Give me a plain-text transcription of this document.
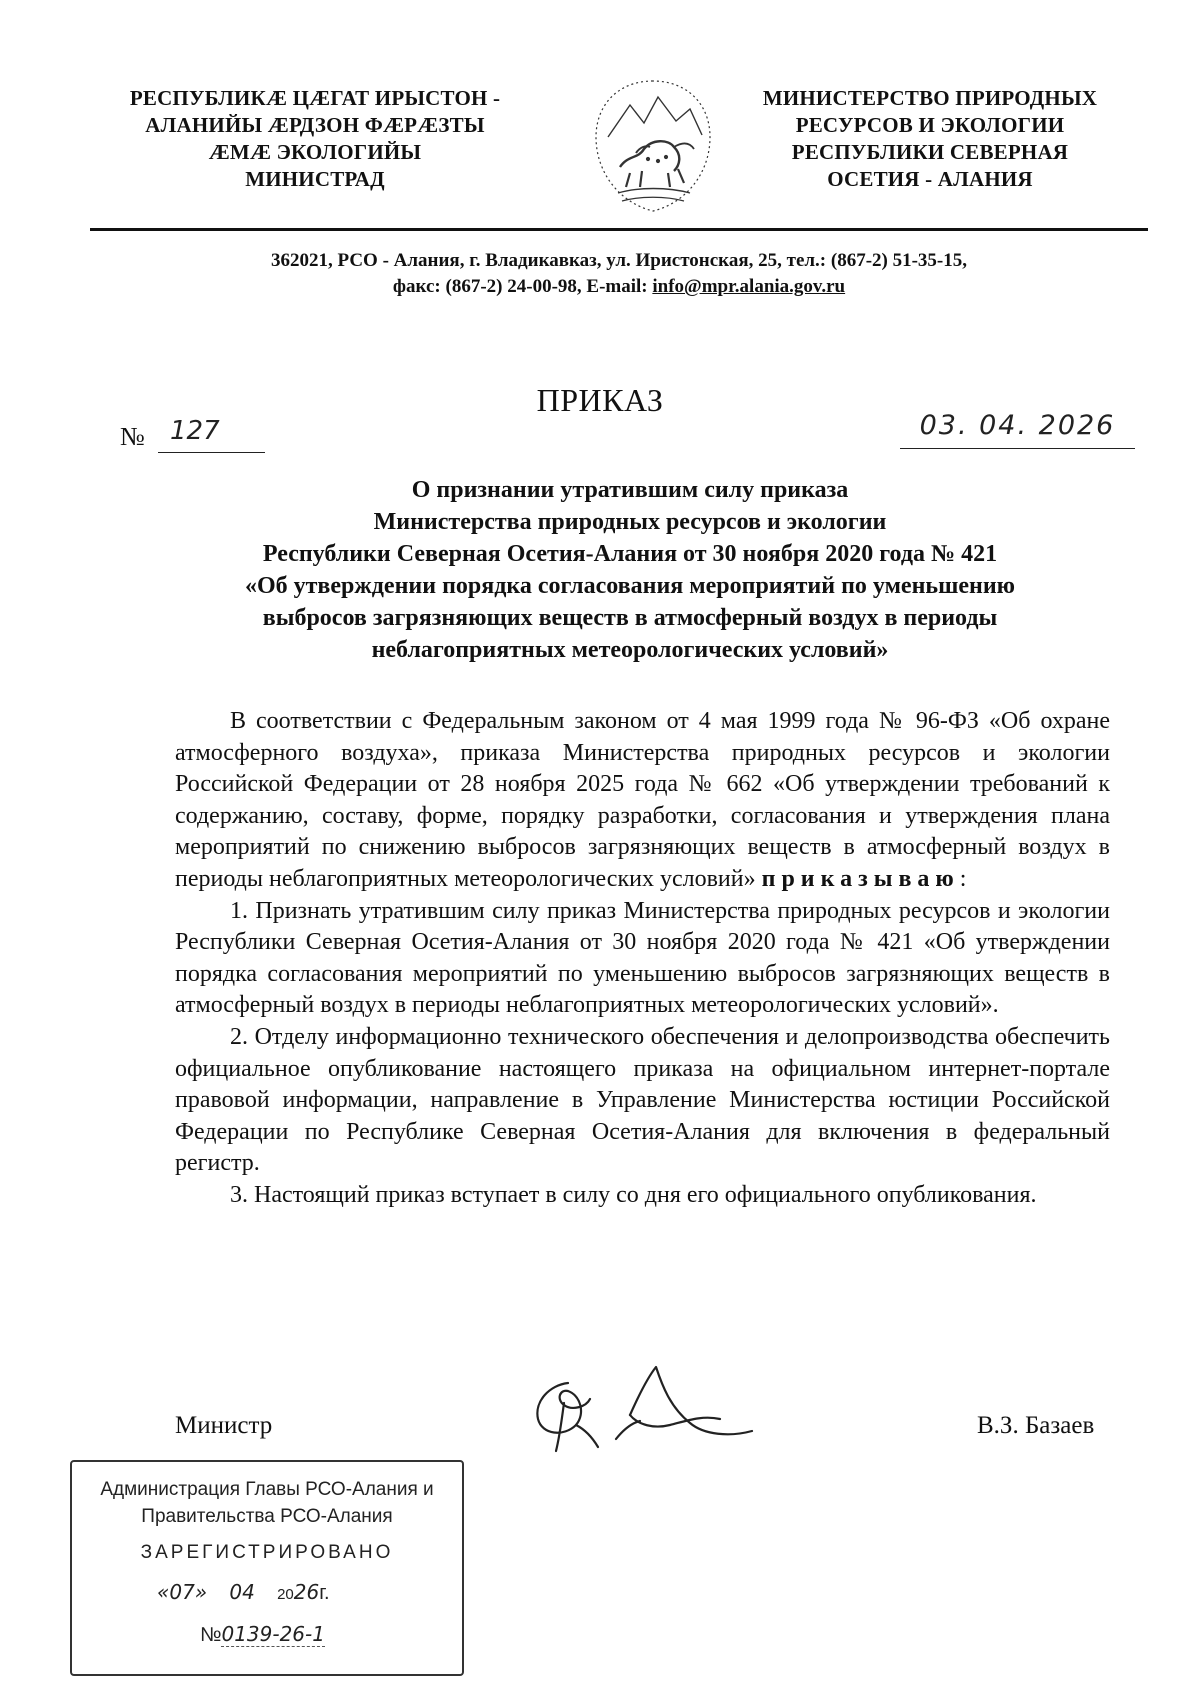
РЕСПУБЛИКӔ ЦӔГАТ ИРЫСТОН -
АЛАНИЙЫ ӔРДЗОН ФӔРӔЗТЫ
ӔМӔ ЭКОЛОГИЙЫ
МИНИСТРАД
МИНИСТЕРСТВО ПРИРОДНЫХ
РЕСУРСОВ И ЭКОЛОГИИ
РЕСПУБЛИКИ СЕВЕРНАЯ
ОСЕТИЯ - АЛАНИЯ
362021, РСО - Алания, г. Владикавказ, ул. Иристонская, 25, тел.: (867-2) 51-35-15,
факс: (867-2) 24-00-98, E-mail: info@mpr.alania.gov.ru
ПРИКАЗ
№ 127	03. 04. 2026
О признании утратившим силу приказа
Министерства природных ресурсов и экологии
Республики Северная Осетия-Алания от 30 ноября 2020 года № 421
«Об утверждении порядка согласования мероприятий по уменьшению
выбросов загрязняющих веществ в атмосферный воздух в периоды
неблагоприятных метеорологических условий»

В соответствии с Федеральным законом от 4 мая 1999 года № 96-ФЗ «Об охране атмосферного воздуха», приказа Министерства природных ресурсов и экологии Российской Федерации от 28 ноября 2025 года № 662 «Об утверждении требований к содержанию, составу, форме, порядку разработки, согласования и утверждения плана мероприятий по снижению выбросов загрязняющих веществ в атмосферный воздух в периоды неблагоприятных метеорологических условий» приказываю:

1. Признать утратившим силу приказ Министерства природных ресурсов и экологии Республики Северная Осетия-Алания от 30 ноября 2020 года № 421 «Об утверждении порядка согласования мероприятий по уменьшению выбросов загрязняющих веществ в атмосферный воздух в периоды неблагоприятных метеорологических условий».

2. Отделу информационно технического обеспечения и делопроизводства обеспечить официальное опубликование настоящего приказа на официальном интернет-портале правовой информации, направление в Управление Министерства юстиции Российской Федерации по Республике Северная Осетия-Алания для включения в федеральный регистр.

3. Настоящий приказ вступает в силу со дня его официального опубликования.

Министр	В.З. Базаев
Администрация Главы РСО-Алания и
Правительства РСО-Алания
ЗАРЕГИСТРИРОВАНО
«07» 04 2026г.
№0139-26-1
